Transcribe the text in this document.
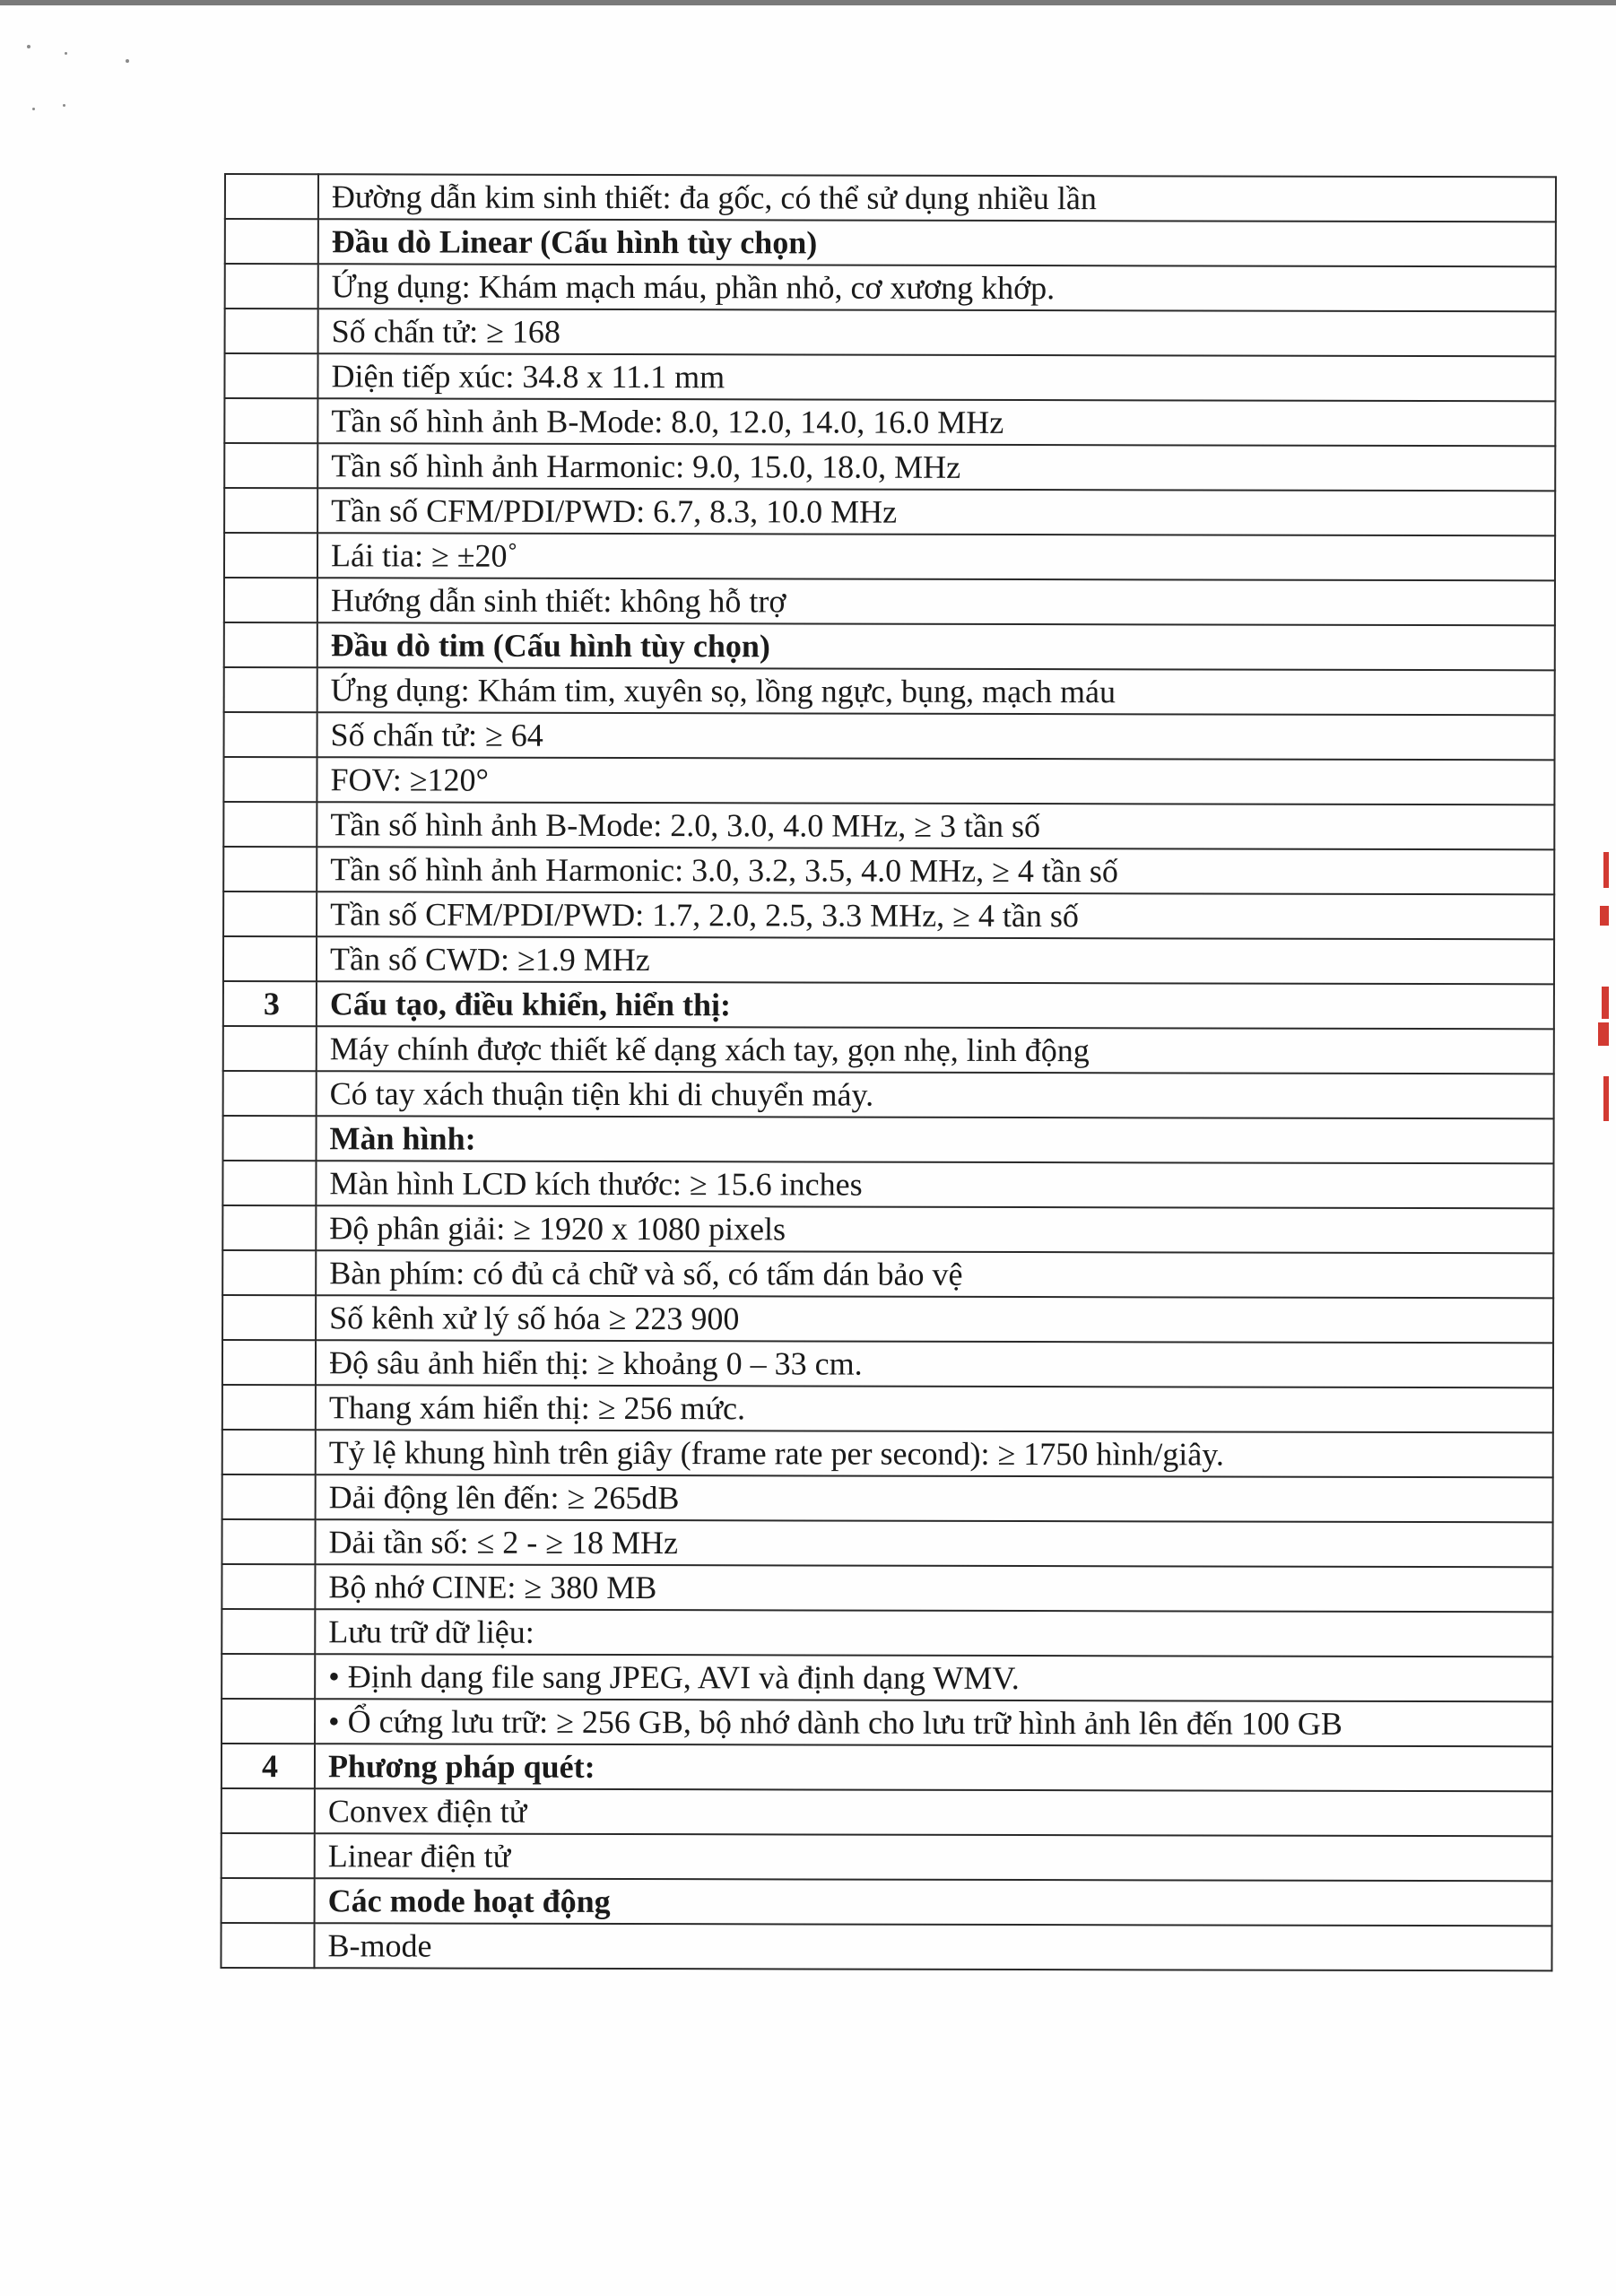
	Đường dẫn kim sinh thiết: đa gốc, có thể sử dụng nhiều lần
	Đầu dò Linear (Cấu hình tùy chọn)
	Ứng dụng: Khám mạch máu, phần nhỏ, cơ xương khớp.
	Số chấn tử: ≥ 168
	Diện tiếp xúc: 34.8 x 11.1 mm
	Tần số hình ảnh B-Mode: 8.0, 12.0, 14.0, 16.0 MHz
	Tần số hình ảnh Harmonic: 9.0, 15.0, 18.0, MHz
	Tần số CFM/PDI/PWD: 6.7, 8.3, 10.0 MHz
	Lái tia: ≥ ±20˚
	Hướng dẫn sinh thiết: không hỗ trợ
	Đầu dò tim (Cấu hình tùy chọn)
	Ứng dụng: Khám tim, xuyên sọ, lồng ngực, bụng, mạch máu
	Số chấn tử: ≥ 64
	FOV: ≥120°
	Tần số hình ảnh B-Mode: 2.0, 3.0, 4.0 MHz, ≥ 3 tần số
	Tần số hình ảnh Harmonic: 3.0, 3.2, 3.5, 4.0 MHz, ≥ 4 tần số
	Tần số CFM/PDI/PWD: 1.7, 2.0, 2.5, 3.3 MHz, ≥ 4 tần số
	Tần số CWD: ≥1.9 MHz
3	Cấu tạo, điều khiển, hiển thị:
	Máy chính được thiết kế dạng xách tay, gọn nhẹ, linh động
	Có tay xách thuận tiện khi di chuyển máy.
	Màn hình:
	Màn hình LCD kích thước: ≥ 15.6 inches
	Độ phân giải: ≥ 1920 x 1080 pixels
	Bàn phím: có đủ cả chữ và số, có tấm dán bảo vệ
	Số kênh xử lý số hóa ≥ 223 900
	Độ sâu ảnh hiển thị: ≥ khoảng 0 – 33 cm.
	Thang xám hiển thị: ≥ 256 mức.
	Tỷ lệ khung hình trên giây (frame rate per second): ≥ 1750 hình/giây.
	Dải động lên đến: ≥ 265dB
	Dải tần số: ≤ 2 - ≥ 18 MHz
	Bộ nhớ CINE: ≥ 380 MB
	Lưu trữ dữ liệu:
	• Định dạng file sang JPEG, AVI và định dạng WMV.
	• Ổ cứng lưu trữ: ≥ 256 GB, bộ nhớ dành cho lưu trữ hình ảnh lên đến 100 GB
4	Phương pháp quét:
	Convex điện tử
	Linear điện tử
	Các mode hoạt động
	B-mode
